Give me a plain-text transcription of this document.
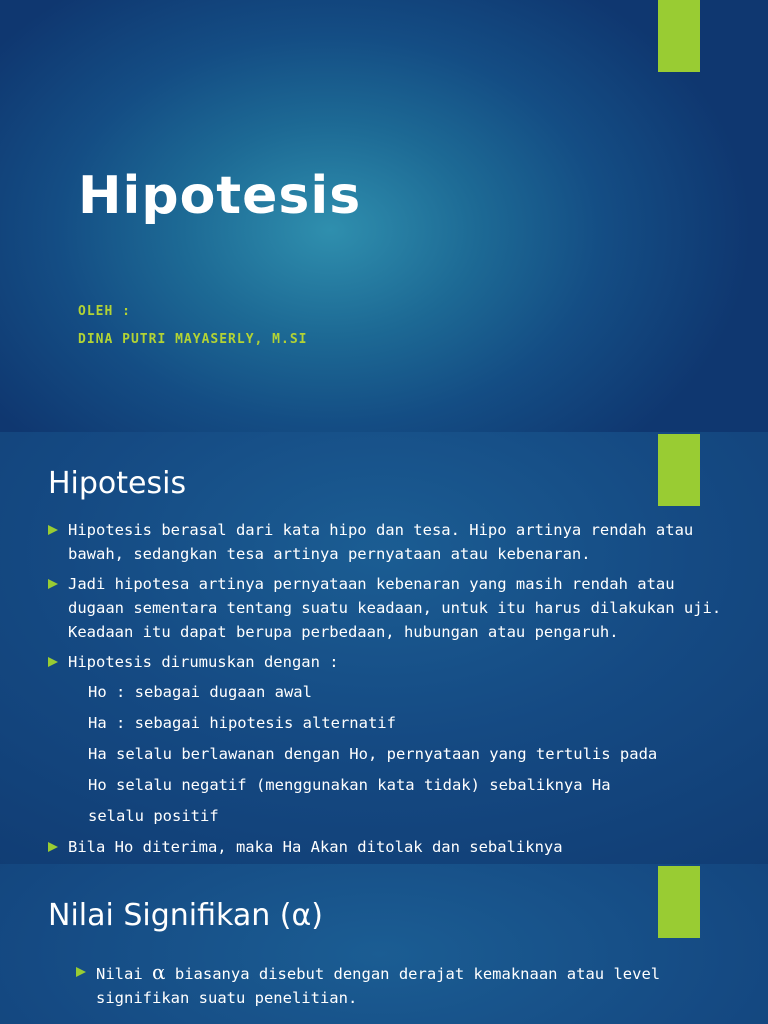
Hipotesis
OLEH :
DINA PUTRI MAYASERLY, M.SI
Hipotesis
Hipotesis berasal dari kata hipo dan tesa. Hipo artinya rendah atau bawah, sedangkan tesa artinya pernyataan atau kebenaran.
Jadi hipotesa artinya pernyataan kebenaran yang masih rendah atau dugaan sementara tentang suatu keadaan, untuk itu harus dilakukan uji. Keadaan itu dapat berupa perbedaan, hubungan atau pengaruh.
Hipotesis dirumuskan dengan :
Ho : sebagai dugaan awal
Ha : sebagai hipotesis alternatif
Ha selalu berlawanan dengan Ho, pernyataan yang tertulis pada
Ho selalu negatif (menggunakan kata tidak) sebaliknya Ha
selalu positif
Bila Ho diterima, maka Ha Akan ditolak dan sebaliknya
Nilai Signifikan (α)
Nilai α biasanya disebut dengan derajat kemaknaan atau level signifikan suatu penelitian.
